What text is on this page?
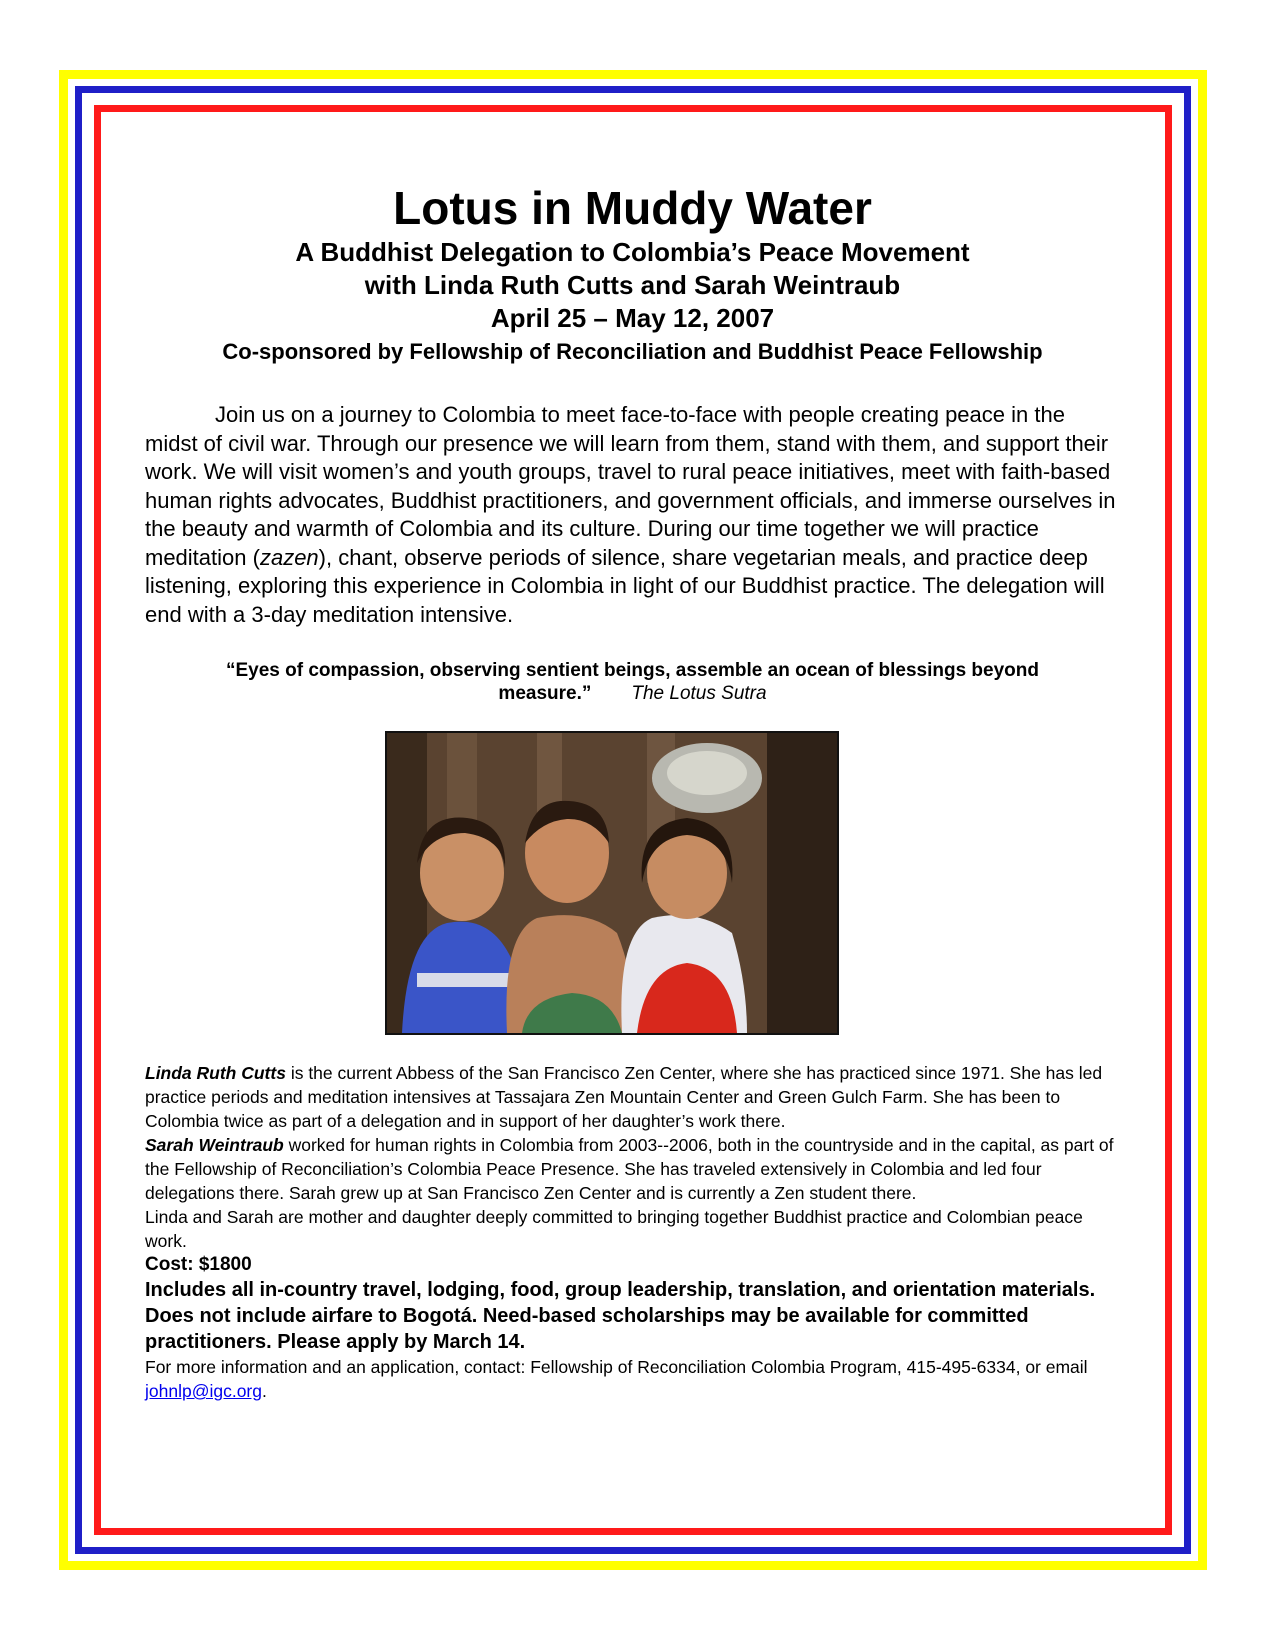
Lotus in Muddy Water

A Buddhist Delegation to Colombia’s Peace Movement

with Linda Ruth Cutts and Sarah Weintraub

April 25 – May 12, 2007

Co-sponsored by Fellowship of Reconciliation and Buddhist Peace Fellowship

Join us on a journey to Colombia to meet face-to-face with people creating peace in the midst of civil war. Through our presence we will learn from them, stand with them, and support their work. We will visit women’s and youth groups, travel to rural peace initiatives, meet with faith-based human rights advocates, Buddhist practitioners, and government officials, and immerse ourselves in the beauty and warmth of Colombia and its culture. During our time together we will practice meditation (zazen), chant, observe periods of silence, share vegetarian meals, and practice deep listening, exploring this experience in Colombia in light of our Buddhist practice. The delegation will end with a 3-day meditation intensive.

“Eyes of compassion, observing sentient beings, assemble an ocean of blessings beyond measure.” The Lotus Sutra

Linda Ruth Cutts is the current Abbess of the San Francisco Zen Center, where she has practiced since 1971. She has led practice periods and meditation intensives at Tassajara Zen Mountain Center and Green Gulch Farm. She has been to Colombia twice as part of a delegation and in support of her daughter’s work there.

Sarah Weintraub worked for human rights in Colombia from 2003--2006, both in the countryside and in the capital, as part of the Fellowship of Reconciliation’s Colombia Peace Presence. She has traveled extensively in Colombia and led four delegations there. Sarah grew up at San Francisco Zen Center and is currently a Zen student there.

Linda and Sarah are mother and daughter deeply committed to bringing together Buddhist practice and Colombian peace work.

Cost: $1800

Includes all in-country travel, lodging, food, group leadership, translation, and orientation materials. Does not include airfare to Bogotá. Need-based scholarships may be available for committed practitioners. Please apply by March 14.

For more information and an application, contact: Fellowship of Reconciliation Colombia Program, 415-495-6334, or email johnlp@igc.org.
